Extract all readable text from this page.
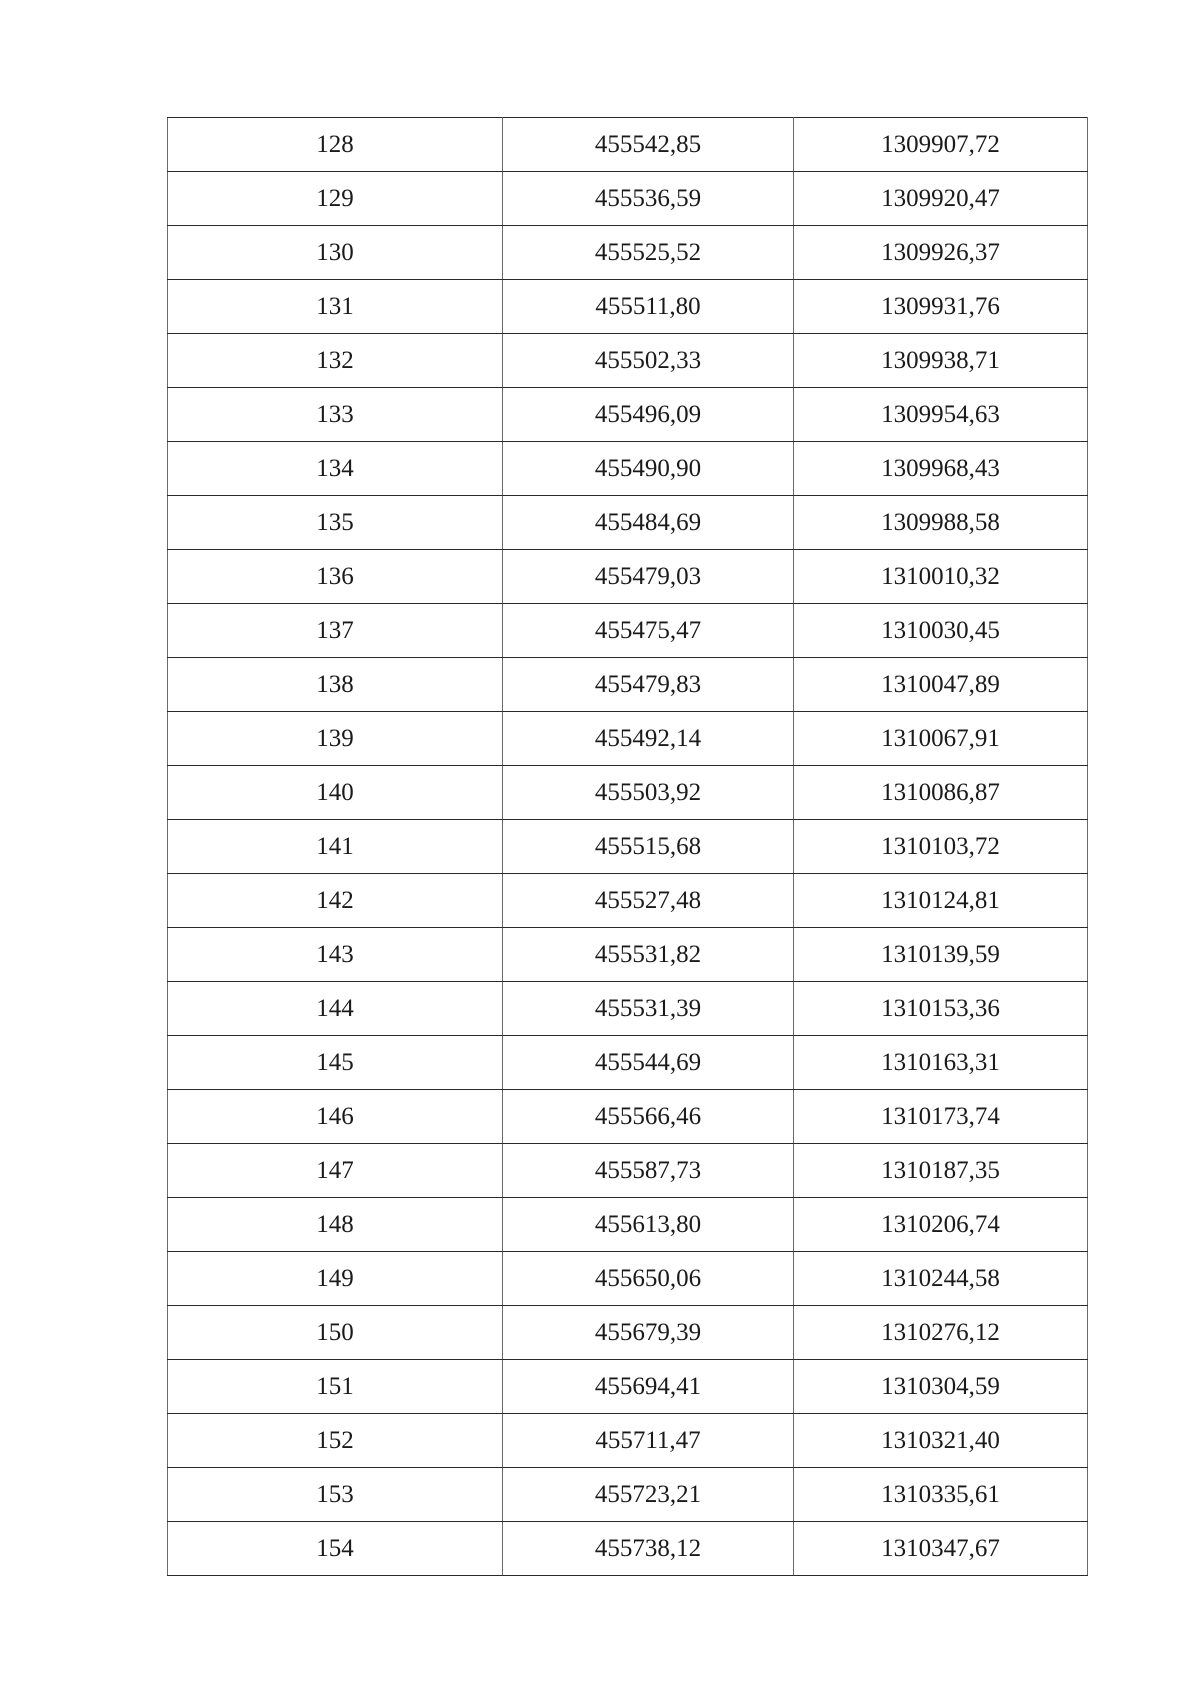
128	455542,85	1309907,72
129	455536,59	1309920,47
130	455525,52	1309926,37
131	455511,80	1309931,76
132	455502,33	1309938,71
133	455496,09	1309954,63
134	455490,90	1309968,43
135	455484,69	1309988,58
136	455479,03	1310010,32
137	455475,47	1310030,45
138	455479,83	1310047,89
139	455492,14	1310067,91
140	455503,92	1310086,87
141	455515,68	1310103,72
142	455527,48	1310124,81
143	455531,82	1310139,59
144	455531,39	1310153,36
145	455544,69	1310163,31
146	455566,46	1310173,74
147	455587,73	1310187,35
148	455613,80	1310206,74
149	455650,06	1310244,58
150	455679,39	1310276,12
151	455694,41	1310304,59
152	455711,47	1310321,40
153	455723,21	1310335,61
154	455738,12	1310347,67
